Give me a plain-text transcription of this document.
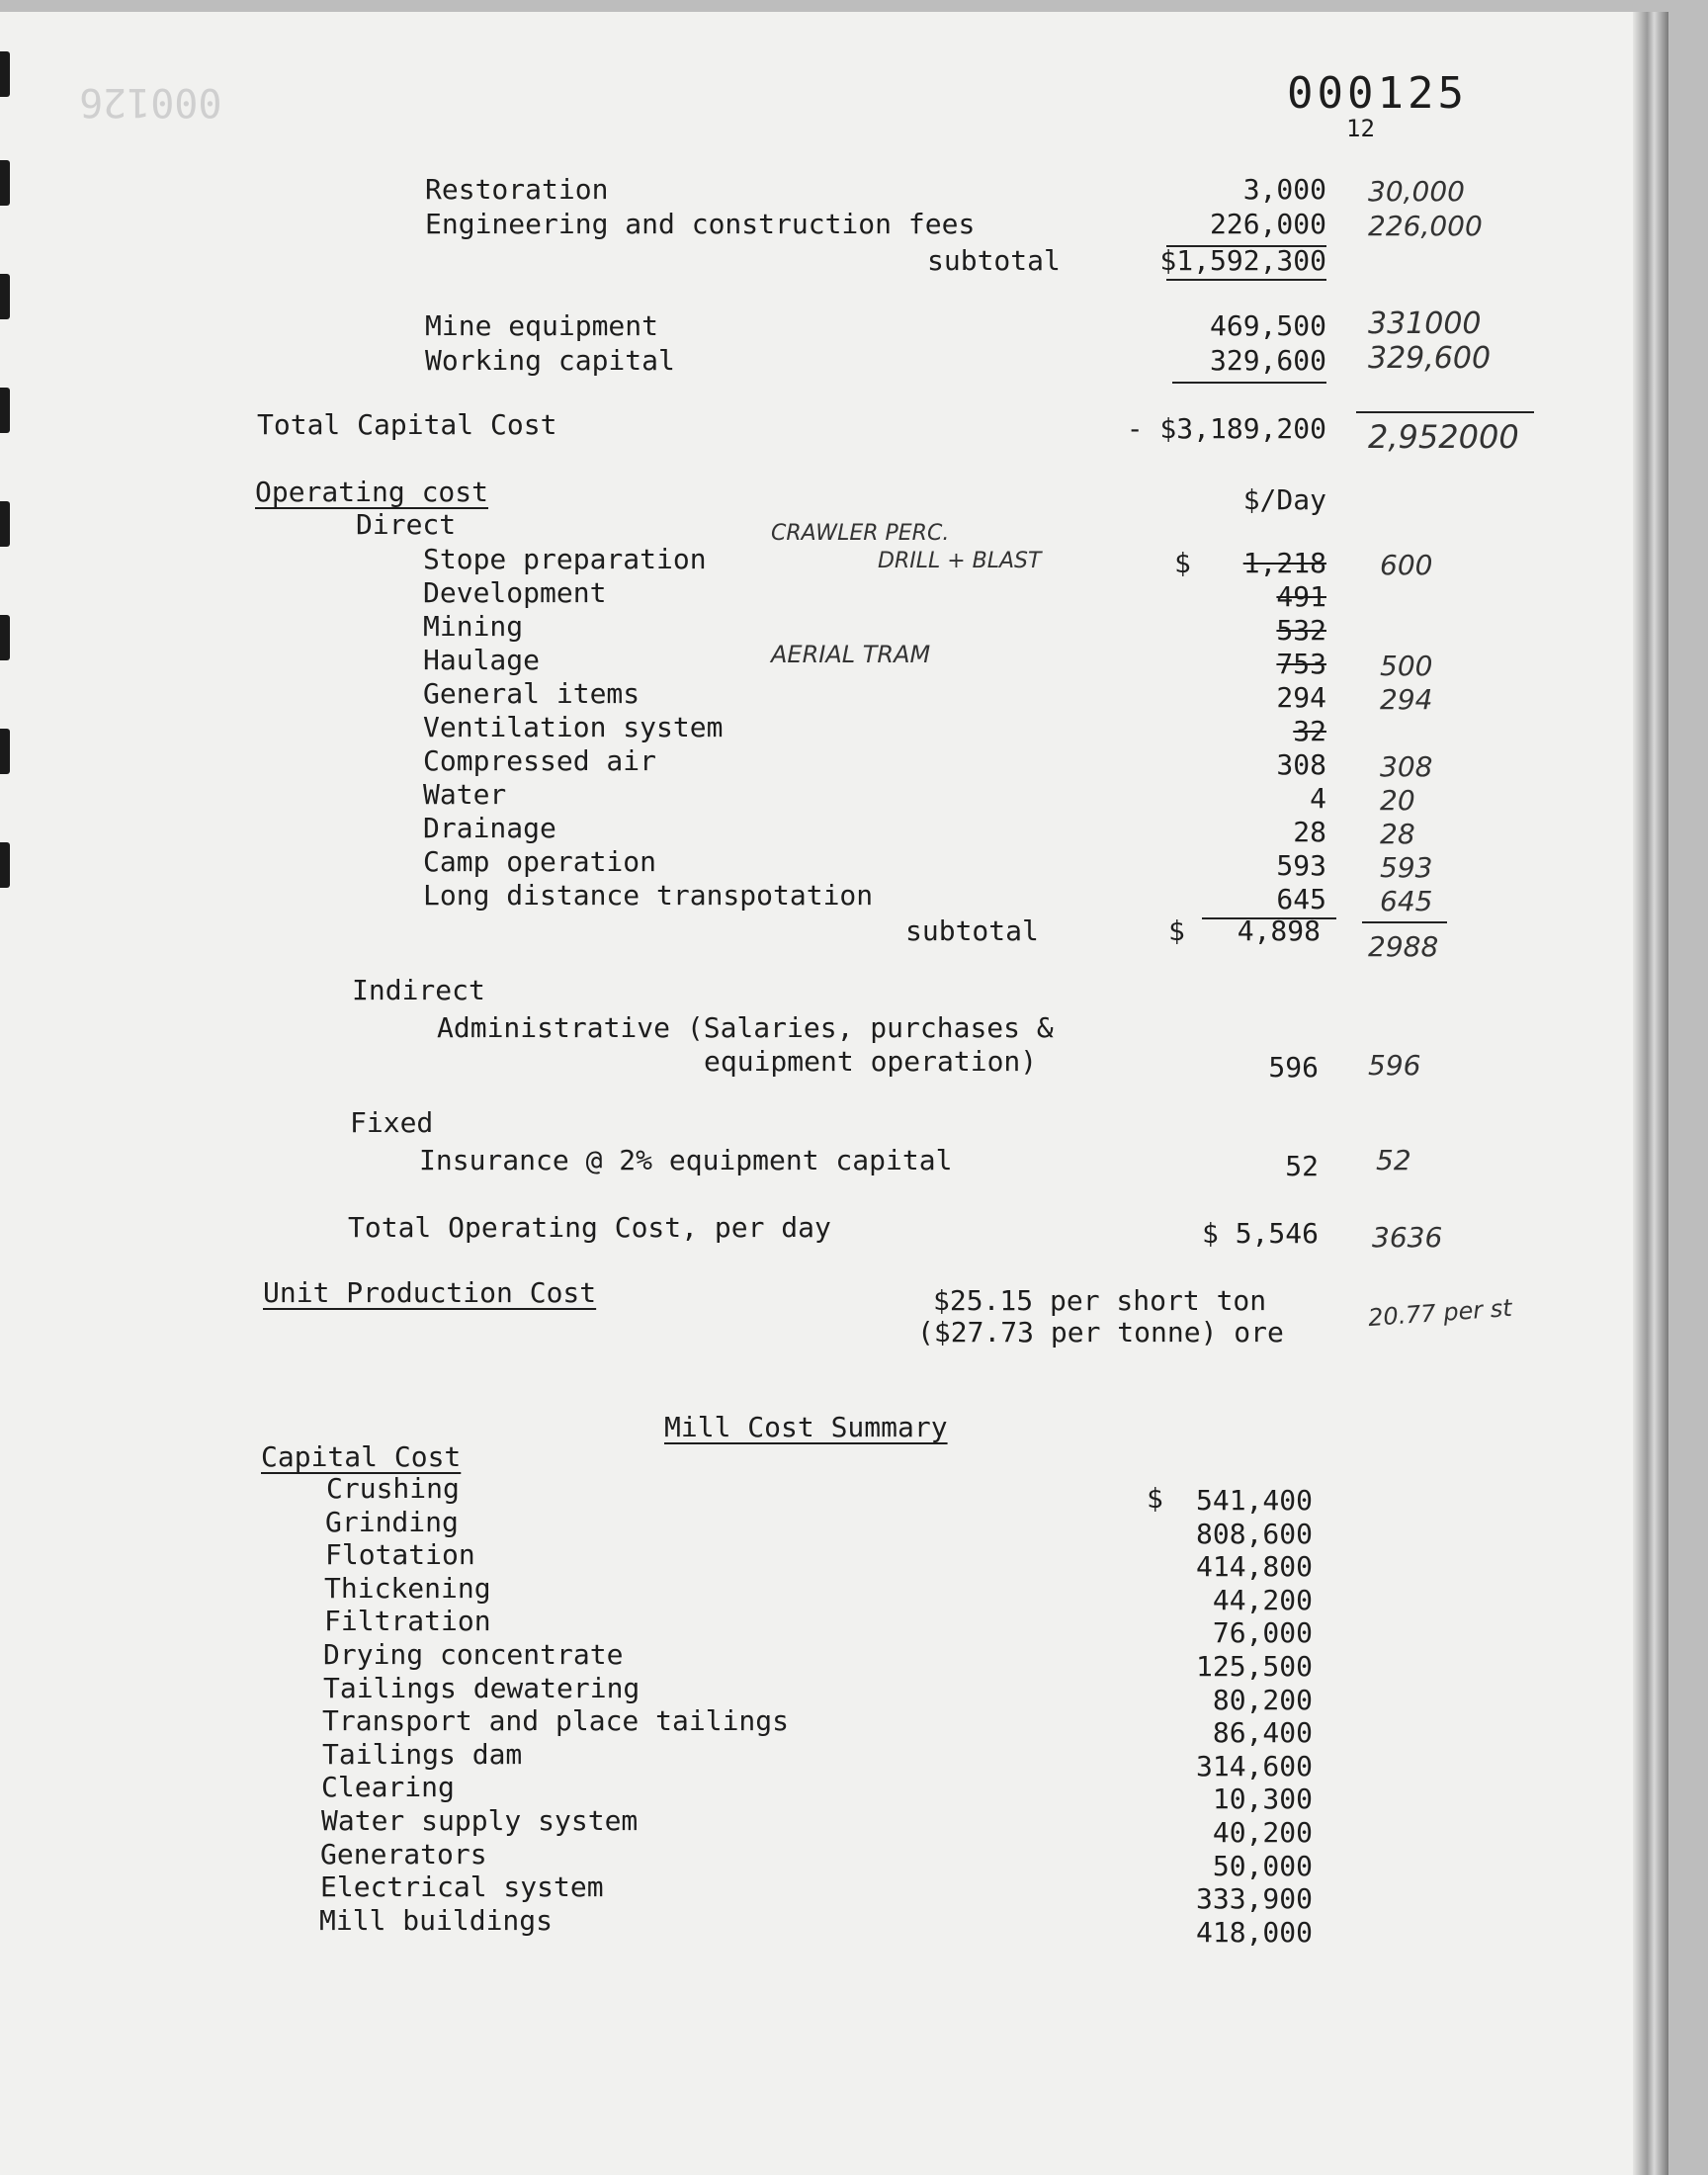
000126	000125
12
Restoration	3,000 30,000
Engineering and construction fees	226,000 226,000
subtotal	$1,592,300
Mine equipment	469,500 331000
Working capital	329,600 329,600
Total Capital Cost	- $3,189,200 2,952000
Operating cost	$/Day
Direct	CRAWLER PERC.
DRILL + BLAST
AERIAL TRAM
$
Stope preparation	1,218 600
Development	491
Mining	532
Haulage	753 500
General items	294 294
Ventilation system	32
Compressed air	308 308
Water	4 20
Drainage	28 28
Camp operation	593 593
Long distance transpotation	645 645
subtotal	$ 4,898 2988
Indirect
Administrative (Salaries, purchases &
equipment operation)	596 596
Fixed
Insurance @ 2% equipment capital	52 52
Total Operating Cost, per day	$ 5,546 3636
Unit Production Cost	$25.15 per short ton
($27.73 per tonne) ore
20.77 per st
Mill Cost Summary
Capital Cost
$
Crushing	541,400
Grinding	808,600
Flotation	414,800
Thickening	44,200
Filtration	76,000
Drying concentrate	125,500
Tailings dewatering	80,200
Transport and place tailings	86,400
Tailings dam	314,600
Clearing	10,300
Water supply system	40,200
Generators	50,000
Electrical system	333,900
Mill buildings	418,000
